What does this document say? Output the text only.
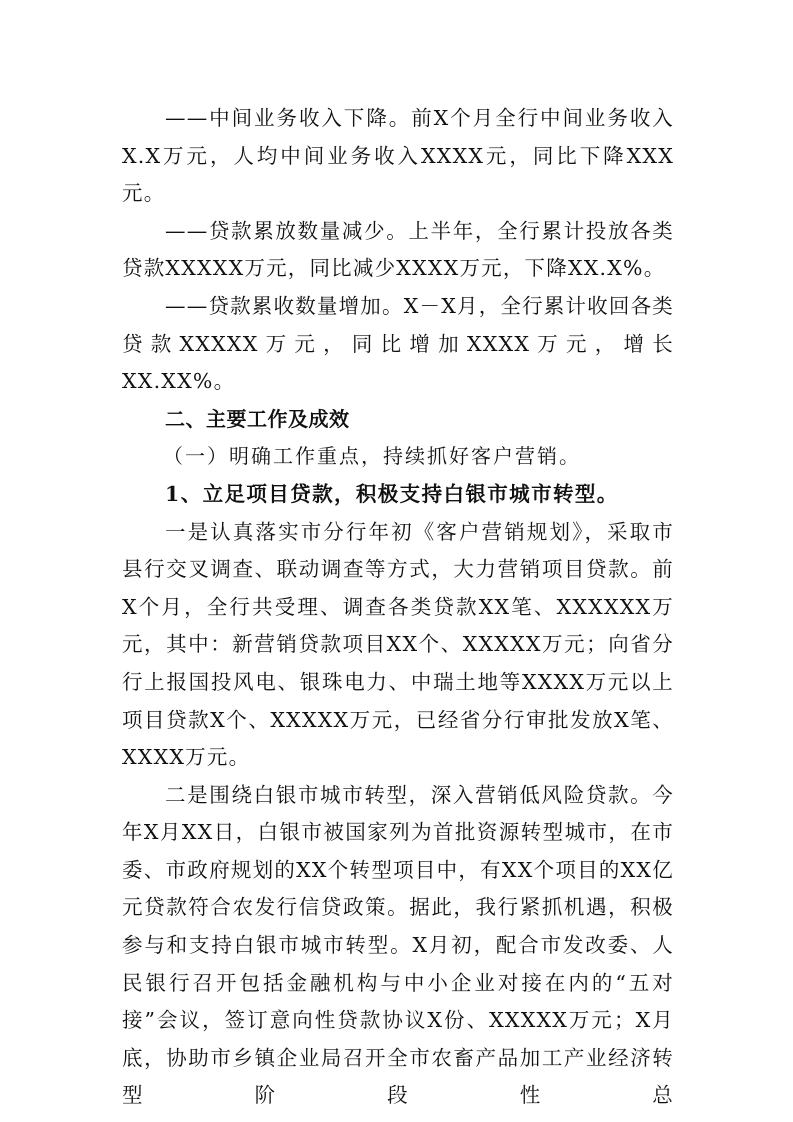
——中间业务收入下降。前X个月全行中间业务收入X.X万元，人均中间业务收入XXXX元，同比下降XXX元。

——贷款累放数量减少。上半年，全行累计投放各类贷款XXXXX万元，同比减少XXXX万元，下降XX.X%。

——贷款累收数量增加。X－X月，全行累计收回各类贷款XXXXX万元，同比增加XXXX万元，增长XX.XX%。

二、主要工作及成效

（一）明确工作重点，持续抓好客户营销。

1、立足项目贷款，积极支持白银市城市转型。

一是认真落实市分行年初《客户营销规划》，采取市县行交叉调查、联动调查等方式，大力营销项目贷款。前X个月，全行共受理、调查各类贷款XX笔、XXXXXX万元，其中：新营销贷款项目XX个、XXXXX万元；向省分行上报国投风电、银珠电力、中瑞土地等XXXX万元以上项目贷款X个、XXXXX万元，已经省分行审批发放X笔、XXXX万元。

二是围绕白银市城市转型，深入营销低风险贷款。今年X月XX日，白银市被国家列为首批资源转型城市，在市委、市政府规划的XX个转型项目中，有XX个项目的XX亿元贷款符合农发行信贷政策。据此，我行紧抓机遇，积极参与和支持白银市城市转型。X月初，配合市发改委、人民银行召开包括金融机构与中小企业对接在内的“五对接”会议，签订意向性贷款协议X份、XXXXX万元；X月底，协助市乡镇企业局召开全市农畜产品加工产业经济转型阶段性总
